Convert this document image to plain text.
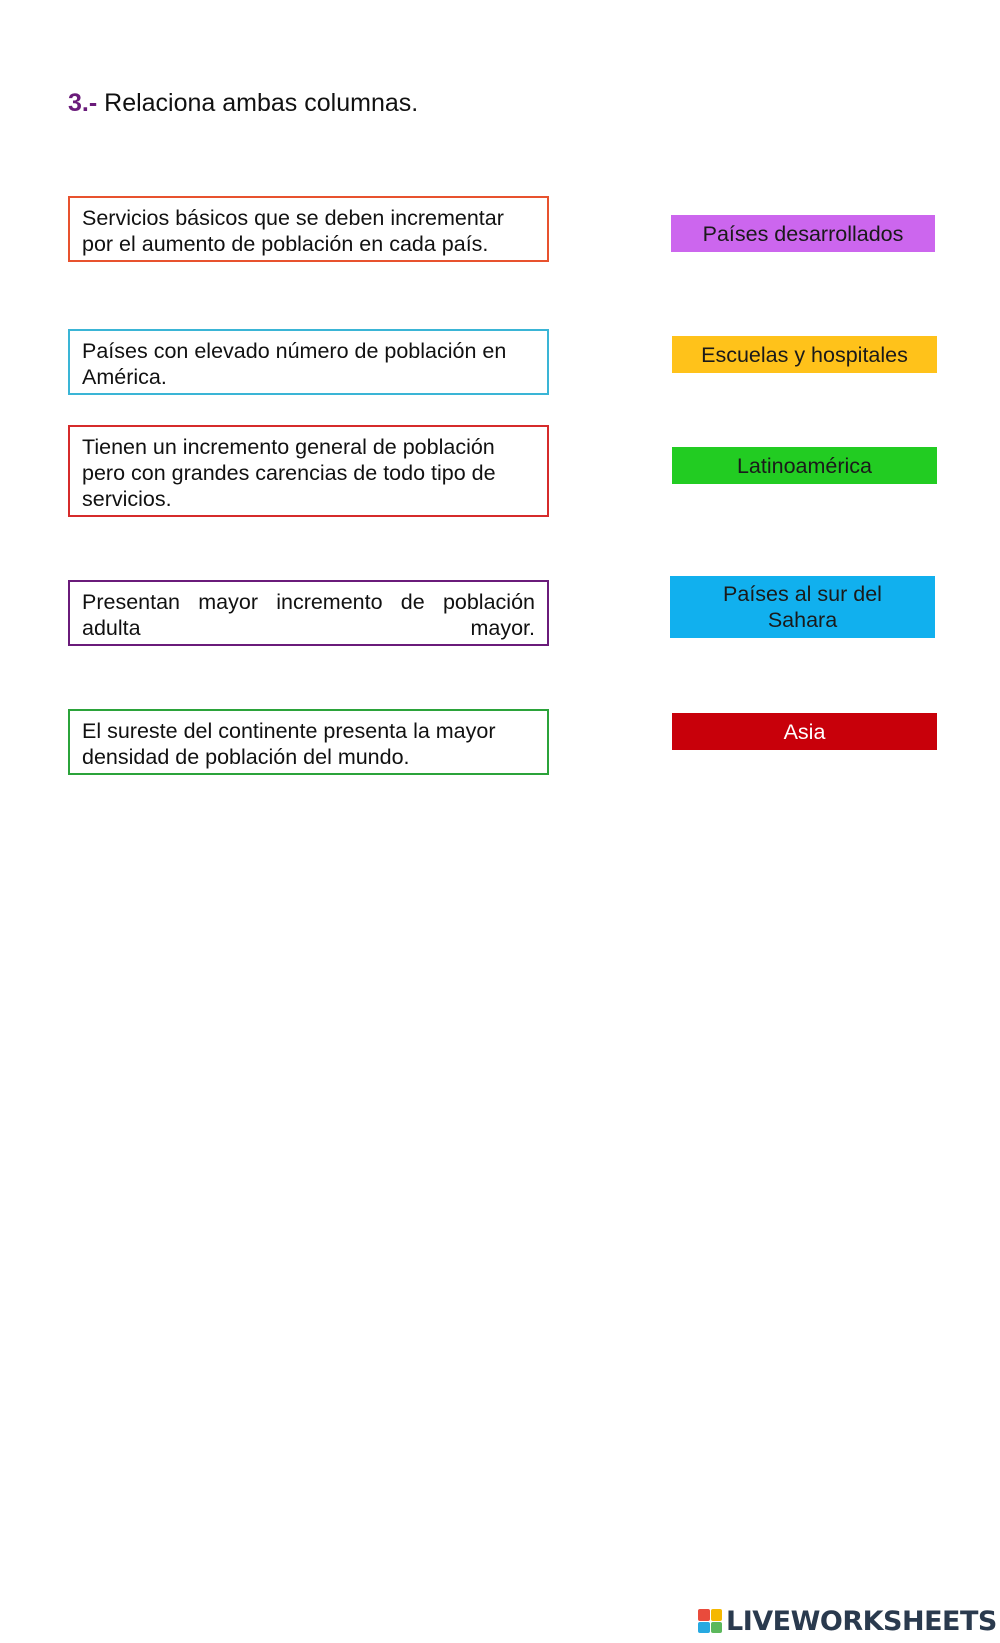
3.- Relaciona ambas columnas.
Servicios básicos que se deben incrementar por el aumento de población en cada país.
Países con elevado número de población en América.
Tienen un incremento general de población pero con grandes carencias de todo tipo de servicios.
Presentan mayor incremento de población adulta mayor.
El sureste del continente presenta la mayor densidad de población del mundo.
Países desarrollados
Escuelas y hospitales
Latinoamérica
Países al sur del Sahara
Asia
LIVEWORKSHEETS
